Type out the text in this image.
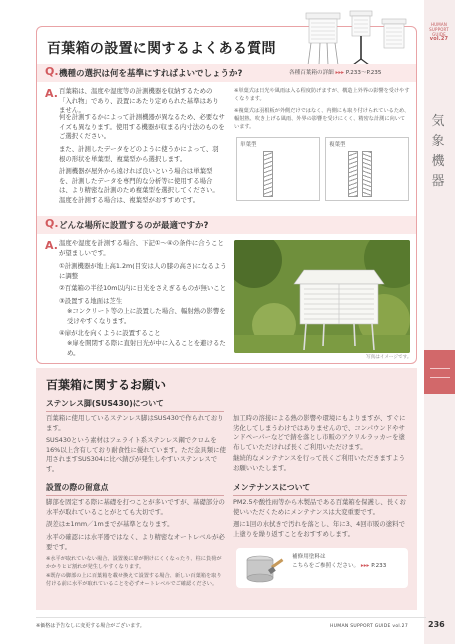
HUMAN
SUPPORT
GUIDE
vol.27
気
象
機
器
百葉箱の設置に関するよくある質問
Q. 機種の選択は何を基準にすればよいでしょうか?	各種百葉箱の詳細 ▸▸▸ P.233〜P.235
A. 百葉箱は、温度や湿度等の計測機器を収納するための「入れ物」であり、設置にあたり定められた基準はありません。
何を計測するかによって計測機器が異なるため、必要なサイズも異なります。使用する機器が収まる内寸法のものをご選択ください。
また、計測したデータをどのように使うかによって、羽根の形状を単葉型、複葉型から選択します。
計測機器が屋外から遠ければ良いという場合は単葉型を、計測したデータを専門的な分析等に使用する場合は、より精密な計測のため複葉型を選択してください。温度を計測する場合は、複葉型がおすすめです。
※単葉式は日光や風雨は入る程度防げますが、構造上外界の影響を受けやすくなります。
※複葉式は羽根板が外側だけではなく、内側にも取り付けられているため、輻射熱、吹き上げる風雨、外界の影響を受けにくく、精密な計測に向いています。
単葉型	複葉型
Q. どんな場所に設置するのが最適ですか?
A. 温度や湿度を計測する場合、下記①〜④の条件に合うことが望ましいです。
①計測機器が地上高1.2m(目安は人の膝の高さ)になるように調整
②百葉箱の半径10m以内に日光をさえぎるものが無いこと
③設置する地面は芝生
※コンクリート等の上に設置した場合、輻射熱の影響を受けやすくなります。
④扉が北を向くように設置すること
※扉を開閉する際に直射日光が中に入ることを避けるため。
写真はイメージです。
百葉箱に関するお願い
ステンレス脚(SUS430)について
百葉箱に使用しているステンレス脚はSUS430で作られております。
SUS430という素材はフェライト系ステンレス鋼でクロムを16%以上含有しており耐食性に優れています。ただ金具類に使用されますSUS304に比べ錆びが発生しやすいステンレスです。
加工時の溶接による熱の影響や環境にもよりますが、すぐに劣化してしまうわけではありませんので、コンパウンドやサンドペーパーなどで錆を落とし市販のアクリルラッカーを塗布していただければ長くご利用いただけます。
継続的なメンテナンスを行って長くご利用いただきますようお願いいたします。
設置の際の留意点
脚部を固定する際に基礎を打つことが多いですが、基礎部分の水平が取れていることがとても大切です。
誤差は±1mm／1mまでが基準となります。
水平の確認には水平器ではなく、より精密なオートレベルが必要です。
※水平が取れていない場合、設置後に扉が開けにくくなったり、柱に負荷がかかりヒビ割れが発生しやすくなります。
※既存の脚部の上に百葉箱を載せ換えて設置する場合、新しい百葉箱を取り付ける前に水平が取れていることを必ずオートレベルでご確認ください。
メンテナンスについて
PM2.5や酸性雨等から木製品である百葉箱を保護し、長くお使いいただくためにメンテナンスは大変重要です。
週に1回の水拭きで汚れを落とし、年に3、4回市販の塗料で上塗りを繰り返すことをおすすめします。
補修用塗料は
こちらをご参照ください。 ▸▸▸ P.233
※価格は予告なしに変更する場合がございます。	HUMAN SUPPORT GUIDE vol.27 236
